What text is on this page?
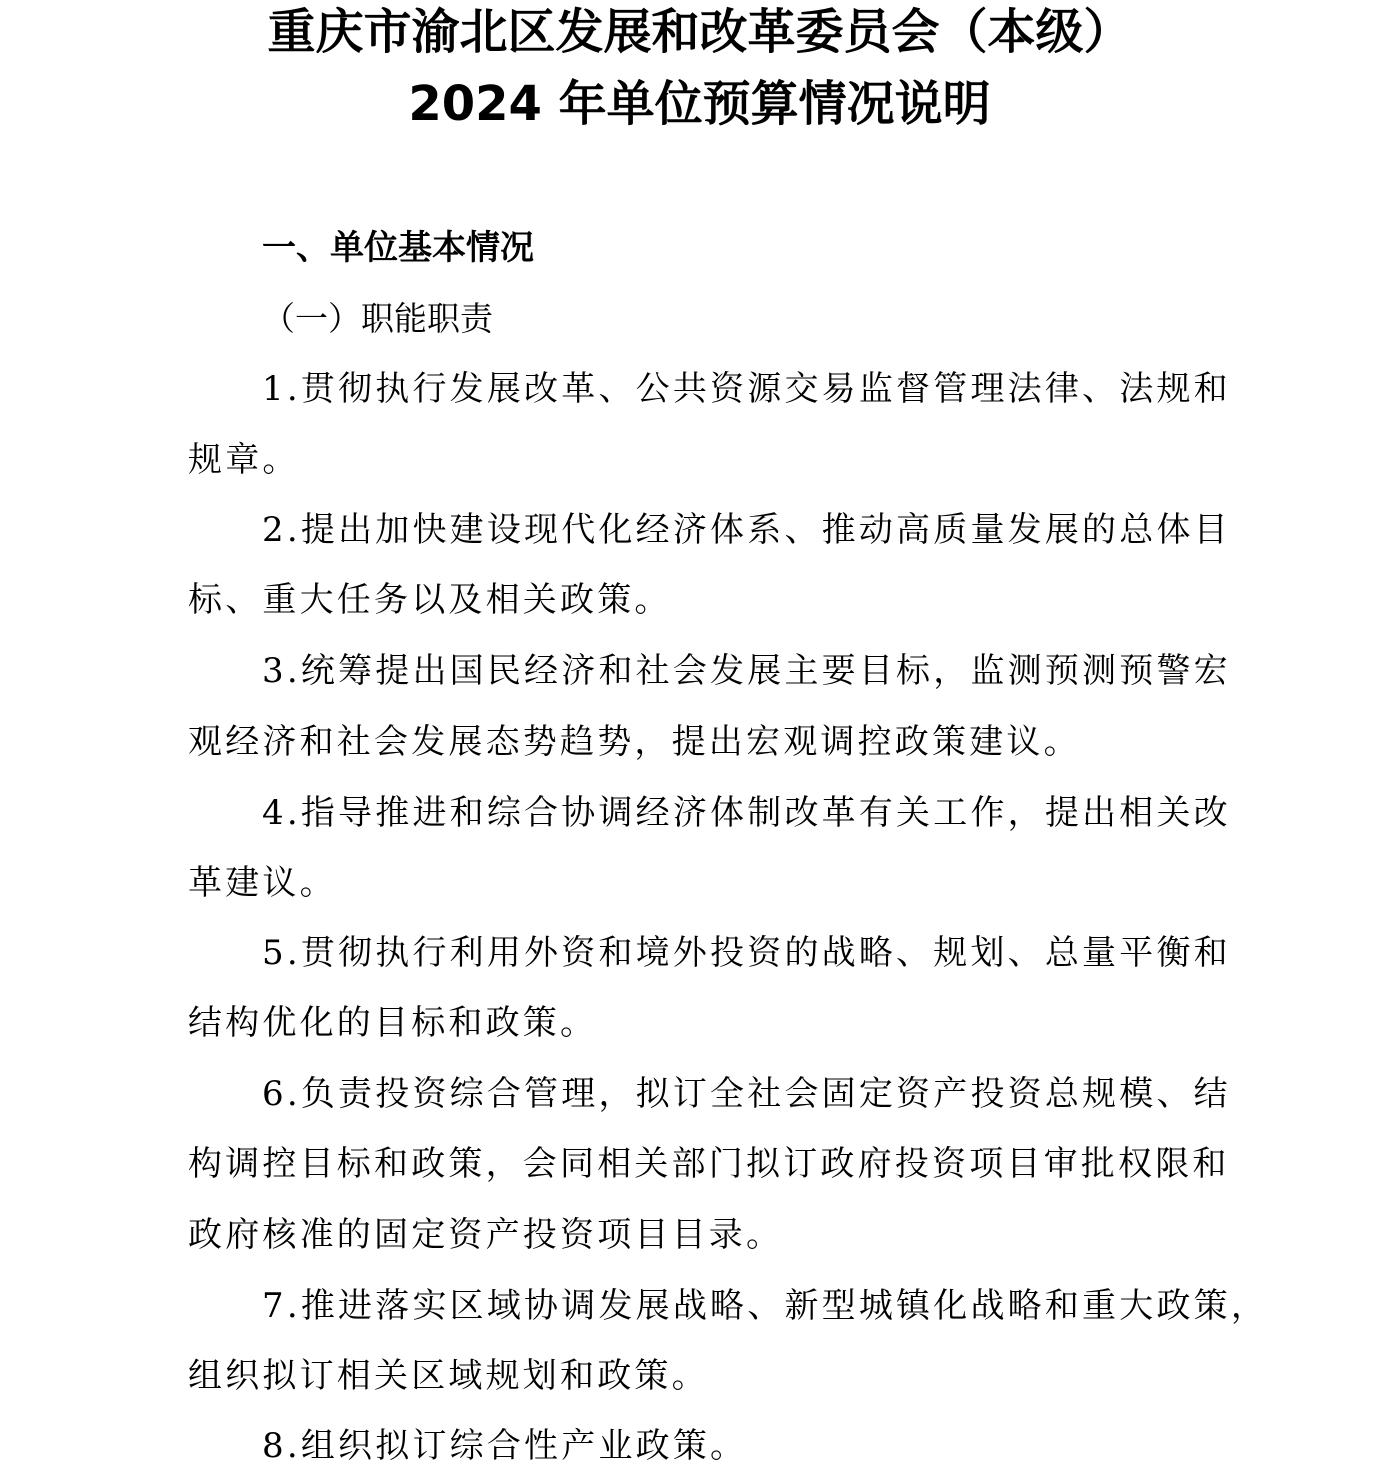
重庆市渝北区发展和改革委员会（本级）
2024 年单位预算情况说明
一、单位基本情况
（一）职能职责
1.贯彻执行发展改革、公共资源交易监督管理法律、法规和
规章。
2.提出加快建设现代化经济体系、推动高质量发展的总体目
标、重大任务以及相关政策。
3.统筹提出国民经济和社会发展主要目标，监测预测预警宏
观经济和社会发展态势趋势，提出宏观调控政策建议。
4.指导推进和综合协调经济体制改革有关工作，提出相关改
革建议。
5.贯彻执行利用外资和境外投资的战略、规划、总量平衡和
结构优化的目标和政策。
6.负责投资综合管理，拟订全社会固定资产投资总规模、结
构调控目标和政策，会同相关部门拟订政府投资项目审批权限和
政府核准的固定资产投资项目目录。
7.推进落实区域协调发展战略、新型城镇化战略和重大政策，
组织拟订相关区域规划和政策。
8.组织拟订综合性产业政策。
